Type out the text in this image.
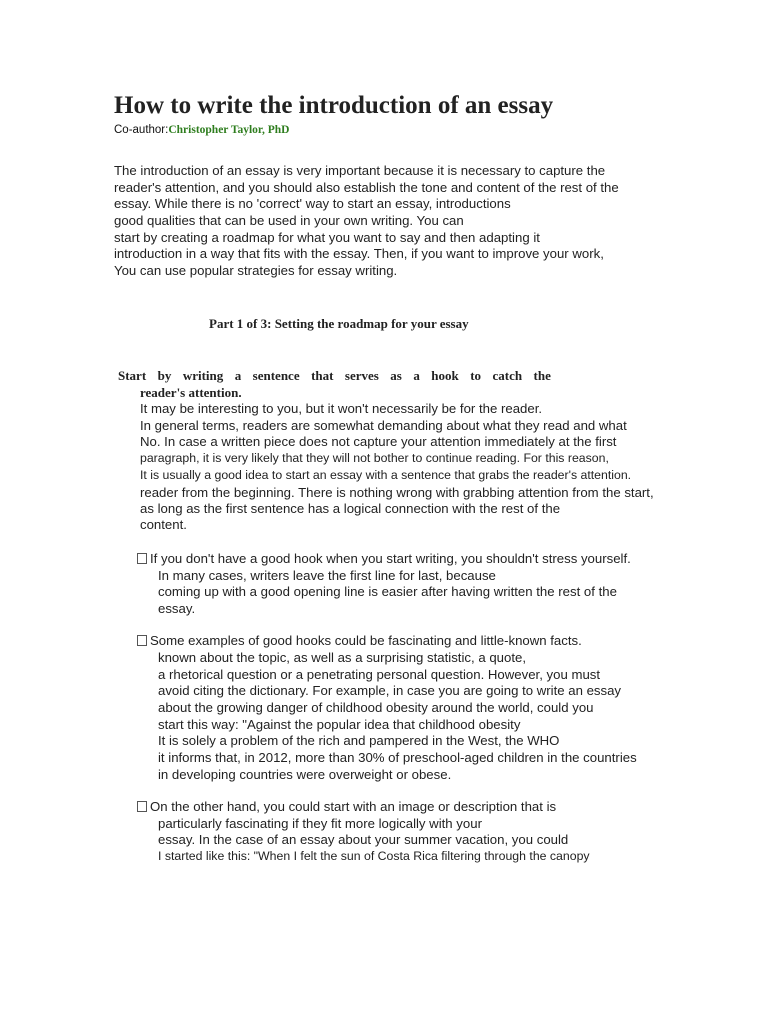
How to write the introduction of an essay
Co-author:Christopher Taylor, PhD
The introduction of an essay is very important because it is necessary to capture the
reader's attention, and you should also establish the tone and content of the rest of the
essay. While there is no 'correct' way to start an essay, introductions
good qualities that can be used in your own writing. You can
start by creating a roadmap for what you want to say and then adapting it
introduction in a way that fits with the essay. Then, if you want to improve your work,
You can use popular strategies for essay writing.
Part 1 of 3: Setting the roadmap for your essay
Start by writing a sentence that serves as a hook to catch the
reader's attention.
It may be interesting to you, but it won't necessarily be for the reader.
In general terms, readers are somewhat demanding about what they read and what
No. In case a written piece does not capture your attention immediately at the first
paragraph, it is very likely that they will not bother to continue reading. For this reason,
It is usually a good idea to start an essay with a sentence that grabs the reader's attention.
reader from the beginning. There is nothing wrong with grabbing attention from the start,
as long as the first sentence has a logical connection with the rest of the
content.
If you don't have a good hook when you start writing, you shouldn't stress yourself.
In many cases, writers leave the first line for last, because
coming up with a good opening line is easier after having written the rest of the
essay.
Some examples of good hooks could be fascinating and little-known facts.
known about the topic, as well as a surprising statistic, a quote,
a rhetorical question or a penetrating personal question. However, you must
avoid citing the dictionary. For example, in case you are going to write an essay
about the growing danger of childhood obesity around the world, could you
start this way: "Against the popular idea that childhood obesity
It is solely a problem of the rich and pampered in the West, the WHO
it informs that, in 2012, more than 30% of preschool-aged children in the countries
in developing countries were overweight or obese.
On the other hand, you could start with an image or description that is
particularly fascinating if they fit more logically with your
essay. In the case of an essay about your summer vacation, you could
I started like this: "When I felt the sun of Costa Rica filtering through the canopy
